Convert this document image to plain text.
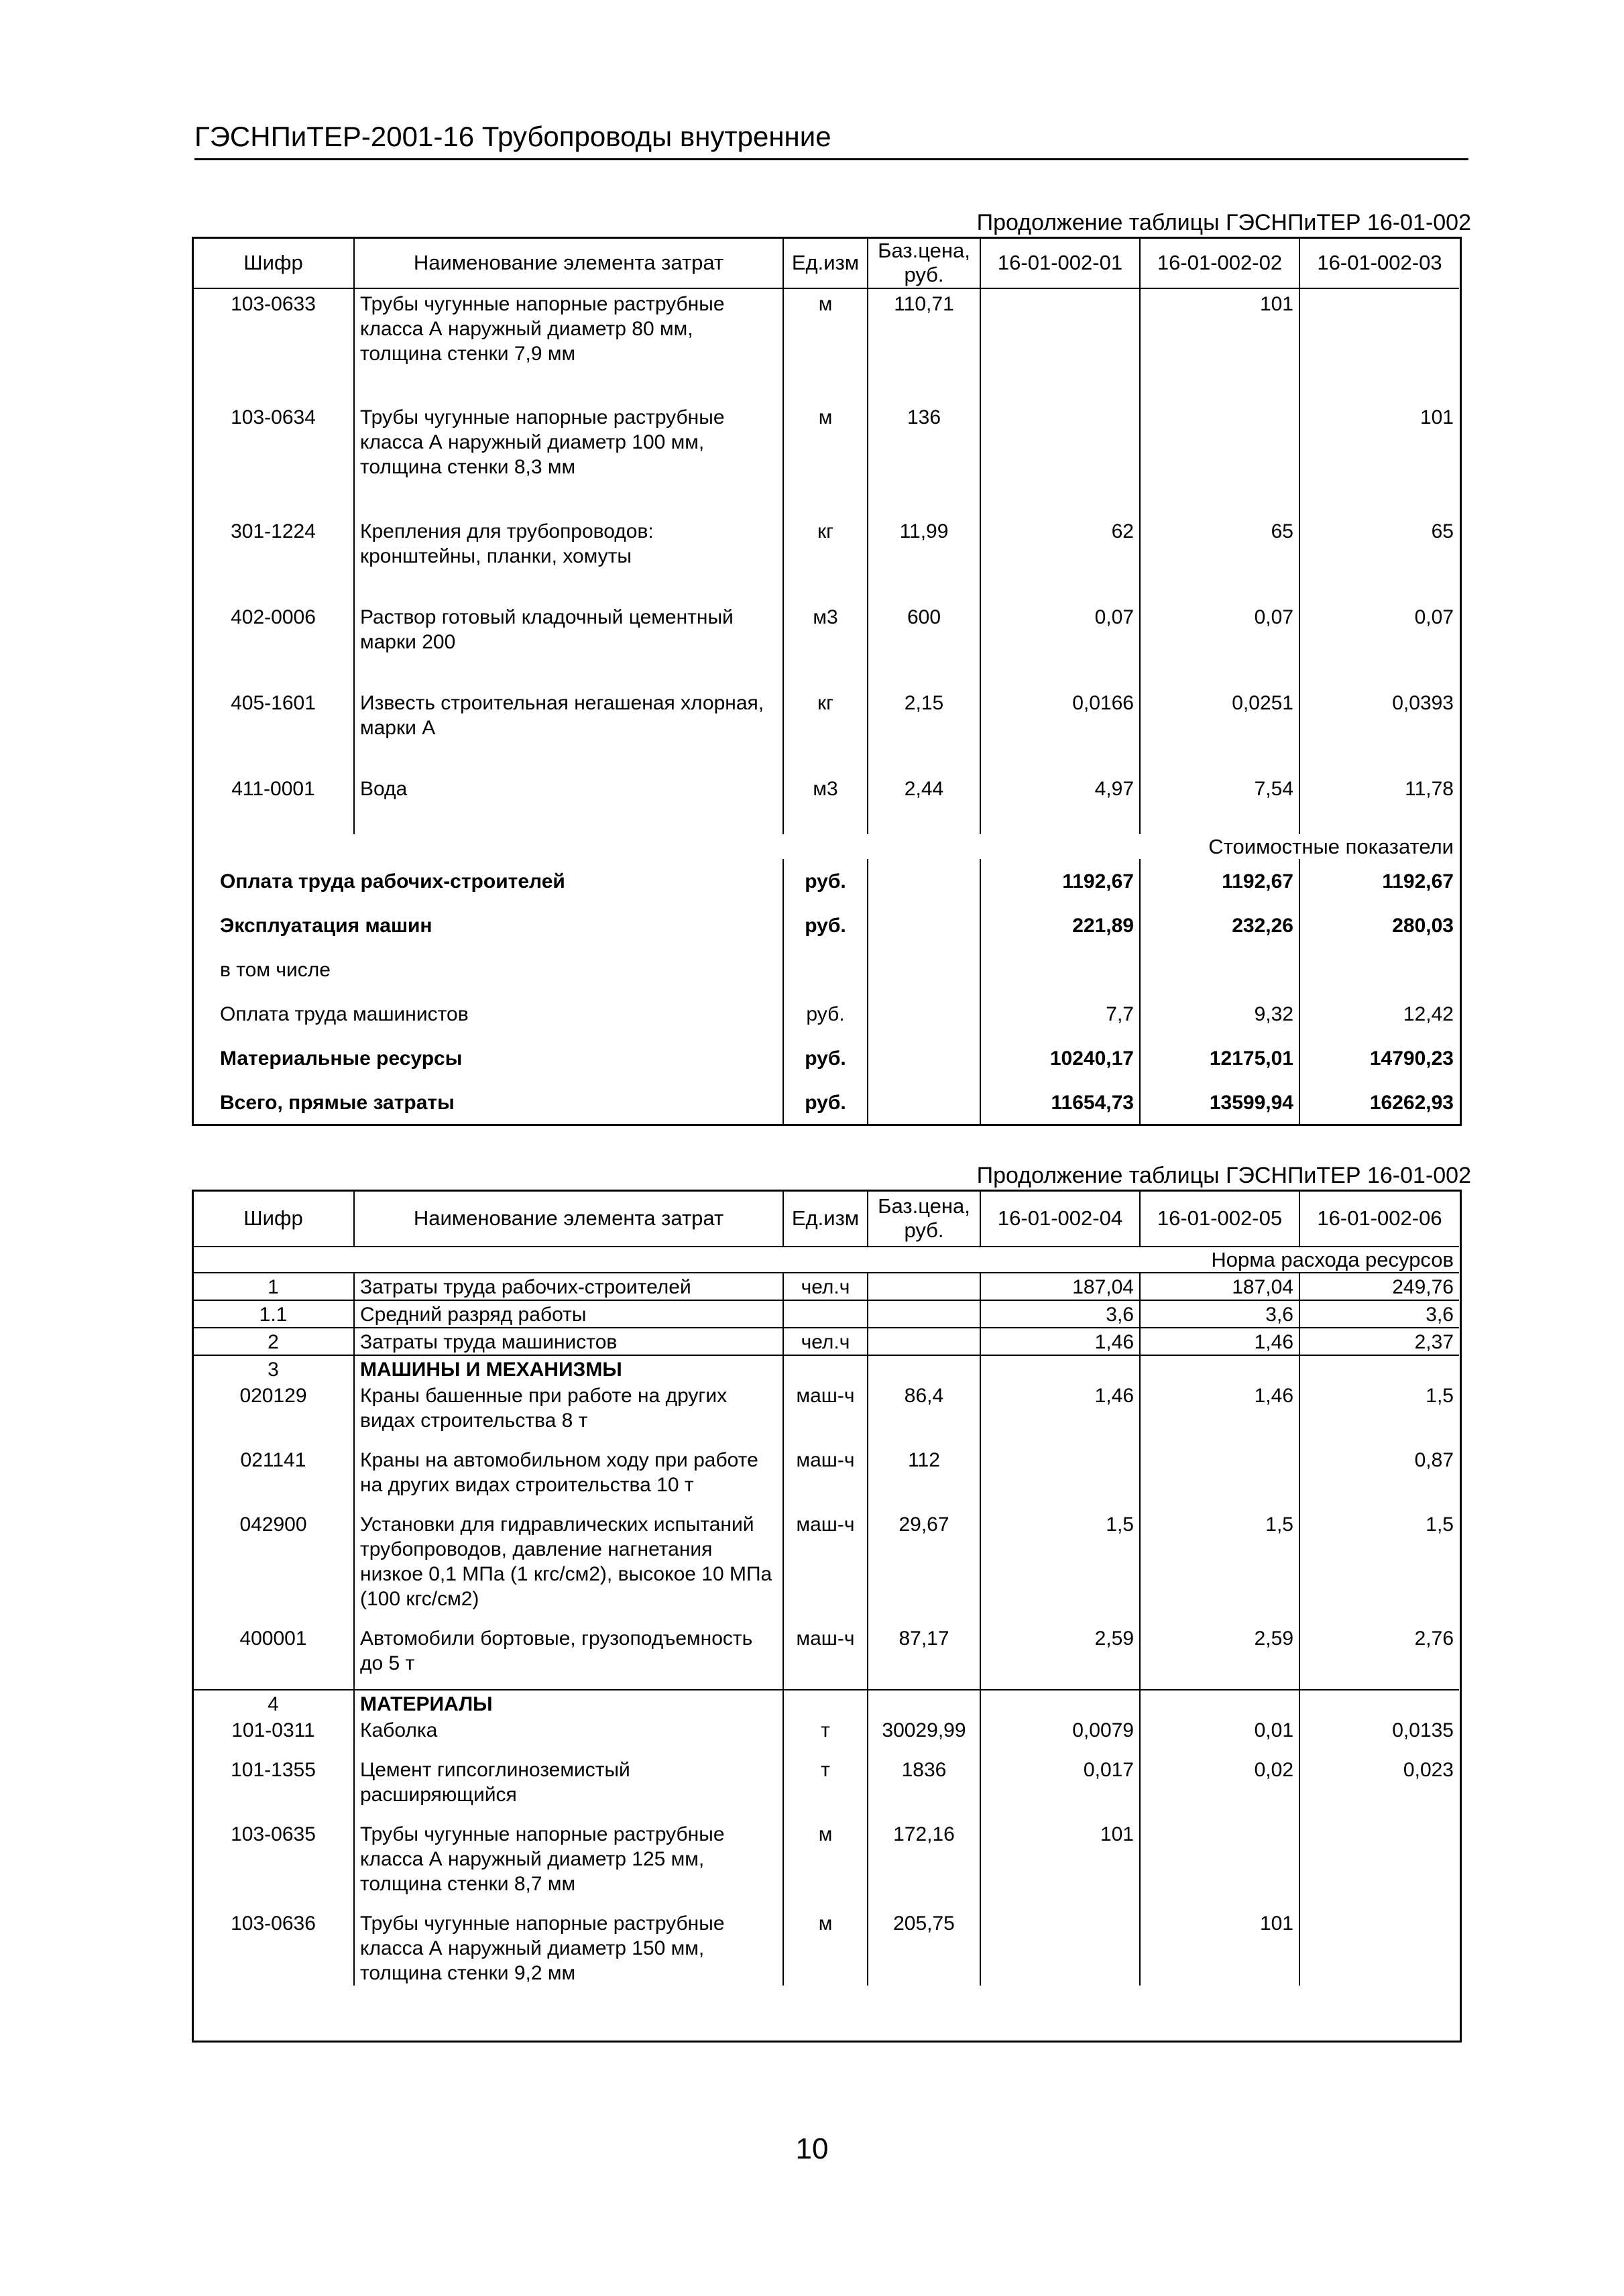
ГЭСНПиТЕР-2001-16 Трубопроводы внутренние
Продолжение таблицы ГЭСНПиТЕР 16-01-002
Шифр	Наименование элемента затрат	Ед.изм	Баз.цена, руб.	16-01-002-01	16-01-002-02	16-01-002-03
103-0633	Трубы чугунные напорные раструбные класса А наружный диаметр 80 мм, толщина стенки 7,9 мм	м	110,71		101	
103-0634	Трубы чугунные напорные раструбные класса А наружный диаметр 100 мм, толщина стенки 8,3 мм	м	136			101
301-1224	Крепления для трубопроводов: кронштейны, планки, хомуты	кг	11,99	62	65	65
402-0006	Раствор готовый кладочный цементный марки 200	м3	600	0,07	0,07	0,07
405-1601	Известь строительная негашеная хлорная, марки А	кг	2,15	0,0166	0,0251	0,0393
411-0001	Вода	м3	2,44	4,97	7,54	11,78
Стоимостные показатели						
Оплата труда рабочих-строителей		руб.		1192,67	1192,67	1192,67
Эксплуатация машин		руб.		221,89	232,26	280,03
в том числе						
Оплата труда машинистов		руб.		7,7	9,32	12,42
Материальные ресурсы		руб.		10240,17	12175,01	14790,23
Всего, прямые затраты		руб.		11654,73	13599,94	16262,93
Продолжение таблицы ГЭСНПиТЕР 16-01-002
Шифр	Наименование элемента затрат	Ед.изм	Баз.цена, руб.	16-01-002-04	16-01-002-05	16-01-002-06
Норма расхода ресурсов						
1	Затраты труда рабочих-строителей	чел.ч		187,04	187,04	249,76
1.1	Средний разряд работы			3,6	3,6	3,6
2	Затраты труда машинистов	чел.ч		1,46	1,46	2,37
3	МАШИНЫ И МЕХАНИЗМЫ					
020129	Краны башенные при работе на других видах строительства 8 т	маш-ч	86,4	1,46	1,46	1,5

021141	Краны на автомобильном ходу при работе на других видах строительства 10 т	маш-ч	112			0,87

042900	Установки для гидравлических испытаний трубопроводов, давление нагнетания низкое 0,1 МПа (1 кгс/см2), высокое 10 МПа (100 кгс/см2)	маш-ч	29,67	1,5	1,5	1,5

400001	Автомобили бортовые, грузоподъемность до 5 т	маш-ч	87,17	2,59	2,59	2,76

4	МАТЕРИАЛЫ					
101-0311	Каболка	т	30029,99	0,0079	0,01	0,0135

101-1355	Цемент гипсоглиноземистый расширяющийся	т	1836	0,017	0,02	0,023

103-0635	Трубы чугунные напорные раструбные класса А наружный диаметр 125 мм, толщина стенки 8,7 мм	м	172,16	101		

103-0636	Трубы чугунные напорные раструбные класса А наружный диаметр 150 мм, толщина стенки 9,2 мм	м	205,75		101	
10
